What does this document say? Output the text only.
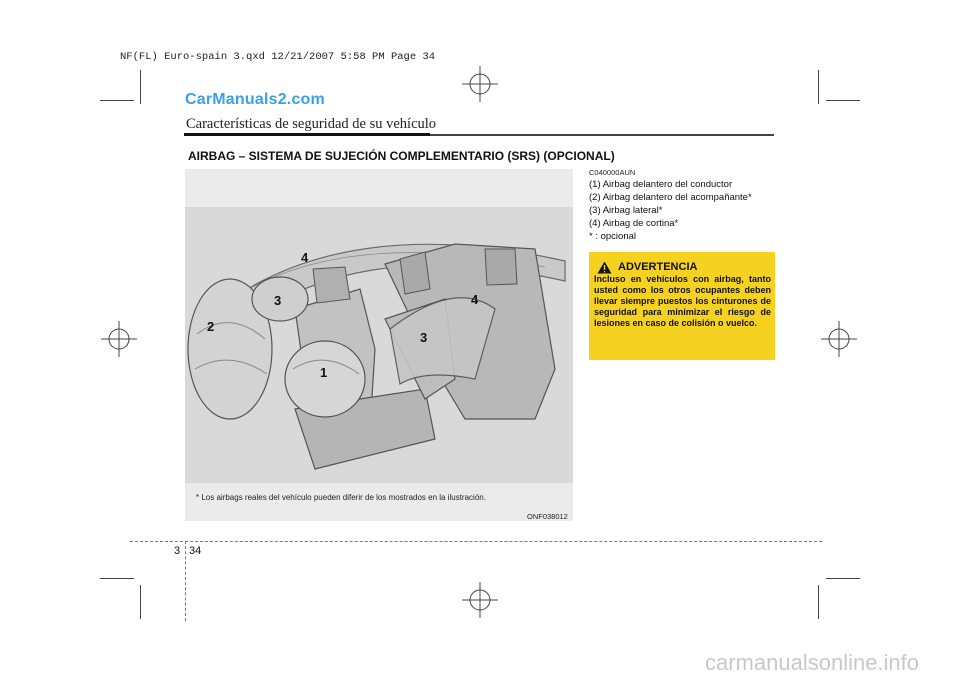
NF(FL) Euro-spain 3.qxd 12/21/2007 5:58 PM Page 34
CarManuals2.com
Características de seguridad de su vehículo
AIRBAG – SISTEMA DE SUJECIÓN COMPLEMENTARIO (SRS) (OPCIONAL)
4
3
2
1
4
3
* Los airbags reales del vehículo pueden diferir de los mostrados en la ilustración.
ONF038012
C040000AUN
(1) Airbag delantero del conductor
(2) Airbag delantero del acompañante*
(3) Airbag lateral*
(4) Airbag de cortina*
* : opcional
ADVERTENCIA
Incluso en vehículos con airbag, tanto usted como los otros ocupantes deben llevar siempre puestos los cinturones de seguridad para minimizar el riesgo de lesiones en caso de colisión o vuelco.
3 34
carmanualsonline.info
